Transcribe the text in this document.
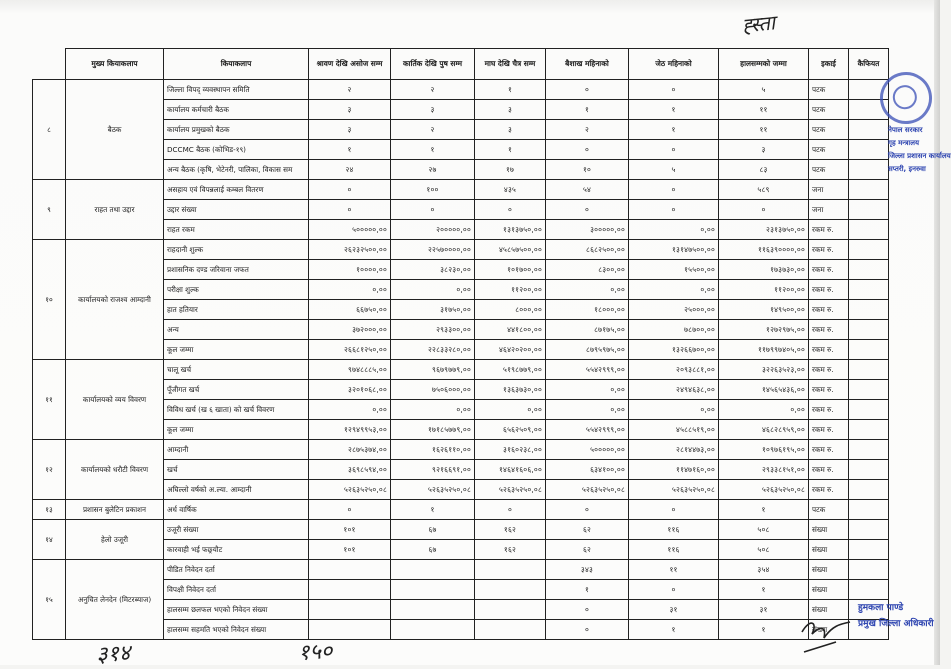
	मुख्य कियाकलाप	कियाकलाप	श्रावण देखि असोज सम्म	कार्तिक देखि पुष सम्म	माघ देखि चैत्र सम्म	बैशाख महिनाको	जेठ महिनाको	हालसम्मको जम्मा	इकाई	कैफियत
८	बैठक	जिल्ला विपद् व्यवस्थापन समिति	२	२	१	०	०	५	पटक	
		कार्यालय कर्मचारी बैठक	३	३	३	१	१	११	पटक	
		कार्यालय प्रमुखको बैठक	३	२	३	२	१	११	पटक	
		DCCMC बैठक (कोभिड-१९)	१	१	१	०	०	३	पटक	
		अन्य बैठक (कृषि, भेटेनरी, पालिका, विकास सम	२४	२७	१७	१०	५	८३	पटक	
९	राहत तथा उद्दार	असहाय एवं विपन्नलाई कम्बल वितरण	०	१००	४३५	५४	०	५८९	जना	
		उद्दार संख्या	०	०	०	०	०	०	जना	
		राहत रकम	५०००००,००	२०००००,००	१३१३७५०,००	३०००००,००	०,००	२३१३७५०,००	रकम रु.	
१०	कार्यालयको राजश्व आम्दानी	राहदानी शुल्क	२६२३२५००,००	२२५७००००,००	४५८५७५००,००	८६८२५००,००	१३१४७५००,००	११६३९००००,००	रकम रु.	
		प्रशासनिक दण्ड जरिवाना जफत	१००००,००	३८२३०,००	१०१७००,००	८३००,००	१५५००,००	१७३७३०,००	रकम रु.	
		परीक्षा शुल्क	०,००	०,००	११२००,००	०,००	०,००	११२००,००	रकम रु.	
		हात हतियार	६६७५०,००	३१७५०,००	८०००,००	१८०००,००	२५०००,००	१४९५००,००	रकम रु.	
		अन्य	३७२०००,००	२९३३००,००	४४१८००,००	८७१७५,००	७८७००,००	१२७२९७५,००	रकम रु.	
		कूल जम्मा	२६६८१२५०,००	२२८३३२८०,००	४६४२०२००,००	८७९५९७५,००	१३२६६७००,००	११७९९७४०५,००	रकम रु.	
११	कार्यालयको व्यय विवरण	चालू खर्च	९७४८८८५,००	९६७९७७९,००	५१९८७७९,००	५५४२९९९,००	२०९३८८१,००	३२२६३५२३,००	रकम रु.	
		पूँजीगत खर्च	३२०१०६८,००	७५०६०००,००	१३६३७३०,००	०,००	२४९४६३८,००	१४५६५४३६,००	रकम रु.	
		विविध खर्च (ख ६ खाता) को खर्च विवरण	०,००	०,००	०,००	०,००	०,००	०,००	रकम रु.	
		कूल जम्मा	१२९४९९५३,००	१७१८५७७९,००	६५६२५०९,००	५५४२९९९,००	४५८८५१९,००	४६८२८९५९,००	रकम रु.	
१२	कार्यालयको धरौटी विवरण	आम्दानी	२८७५३७४,००	१६२६११०,००	३१६०२३८,००	५०००००,००	२८१४४७३,००	१०९७६१९५,००	रकम रु.	
		खर्च	३६९८५९४,००	९२१६६९१,००	१४६४१६०६,००	६३४१००,००	११४७१६०,००	२९३३८१५१,००	रकम रु.	
		अघिल्लो वर्षको अ.ल्या. आम्दानी	५२६३५२५०,०८	५२६३५२५०,०८	५२६३५२५०,०८	५२६३५२५०,०८	५२६३५२५०,०८	५२६३५२५०,०८	रकम रु.	
१३	प्रशासन बुलेटिन प्रकाशन	अर्ध वार्षिक	०	१	०	०	०	१	पटक	
१४	हेलो उजूरी	उजूरी संख्या	१०१	६७	१६२	६२	११६	५०८	संख्या	
		कारवाही भई फछ्र्यौट	१०१	६७	१६२	६२	११६	५०८	संख्या	
१५	अनुचित लेनदेन (मिटरब्याज)	पीडित निवेदन दर्ता				३४३	११	३५४	संख्या	
		विपक्षी निवेदन दर्ता				१	०	१	संख्या	
		हालसम्म छलफल भएको निवेदन संख्या				०	३१	३१	संख्या	
		हालसम्म सहमति भएको निवेदन संख्या				०	१	१	संख्या	
नेपाल सरकार
गृह मन्त्रालय
जिल्ला प्रशासन कार्यालय
सप्तरी, इनरुवा
ह्स्ता
३१४	१५०
हुमकला पाण्डे
प्रमुख जिल्ला अधिकारी
